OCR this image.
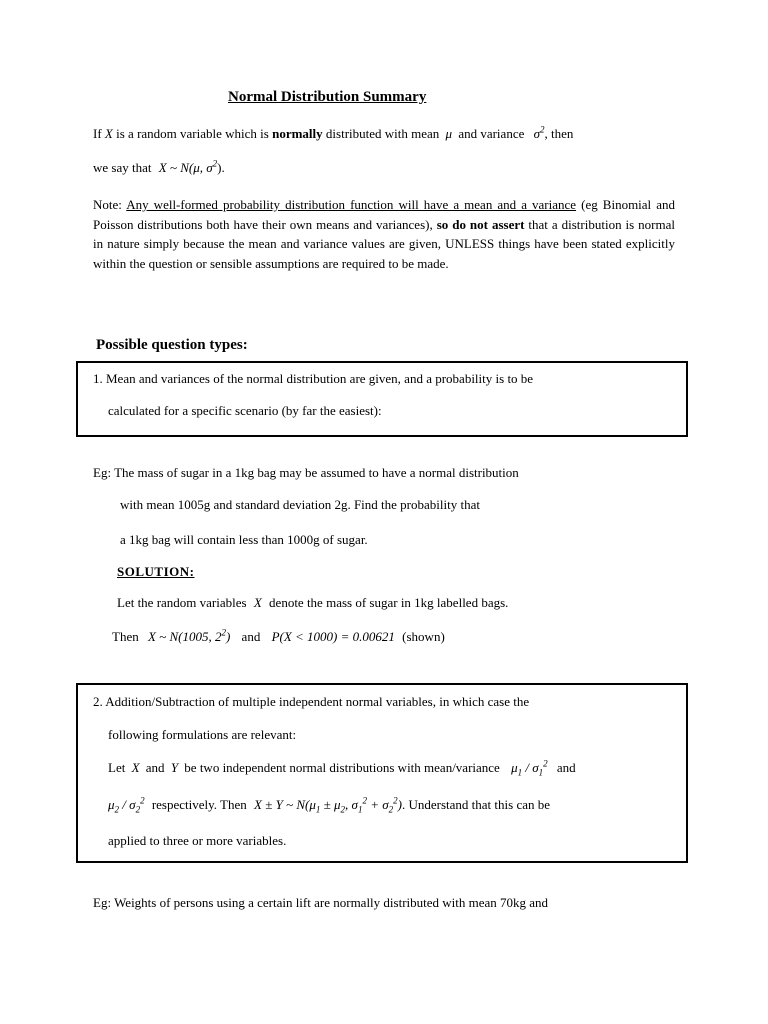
Normal Distribution Summary
If X is a random variable which is normally distributed with mean μ and variance $\sigma^2$, then
we say that X ~ N(μ, $\sigma^2$).
Note: Any well-formed probability distribution function will have a mean and a variance (eg Binomial and Poisson distributions both have their own means and variances), so do not assert that a distribution is normal in nature simply because the mean and variance values are given, UNLESS things have been stated explicitly within the question or sensible assumptions are required to be made.
Possible question types:
1. Mean and variances of the normal distribution are given, and a probability is to be
calculated for a specific scenario (by far the easiest):
Eg: The mass of sugar in a 1kg bag may be assumed to have a normal distribution
with mean 1005g and standard deviation 2g. Find the probability that
a 1kg bag will contain less than 1000g of sugar.
SOLUTION:
Let the random variables X denote the mass of sugar in 1kg labelled bags.
Then X ~ N(1005, $2^2$) and P(X < 1000) = 0.00621 (shown)
2. Addition/Subtraction of multiple independent normal variables, in which case the
following formulations are relevant:
Let X and Y be two independent normal distributions with mean/variance $\mu_1 / \sigma_1^2$ and
$\mu_2 / \sigma_2^2$ respectively. Then X ± Y ~ $N(\mu_1 \pm \mu_2$, $\sigma_1^2 + \sigma_2^2$). Understand that this can be
applied to three or more variables.
Eg: Weights of persons using a certain lift are normally distributed with mean 70kg and
